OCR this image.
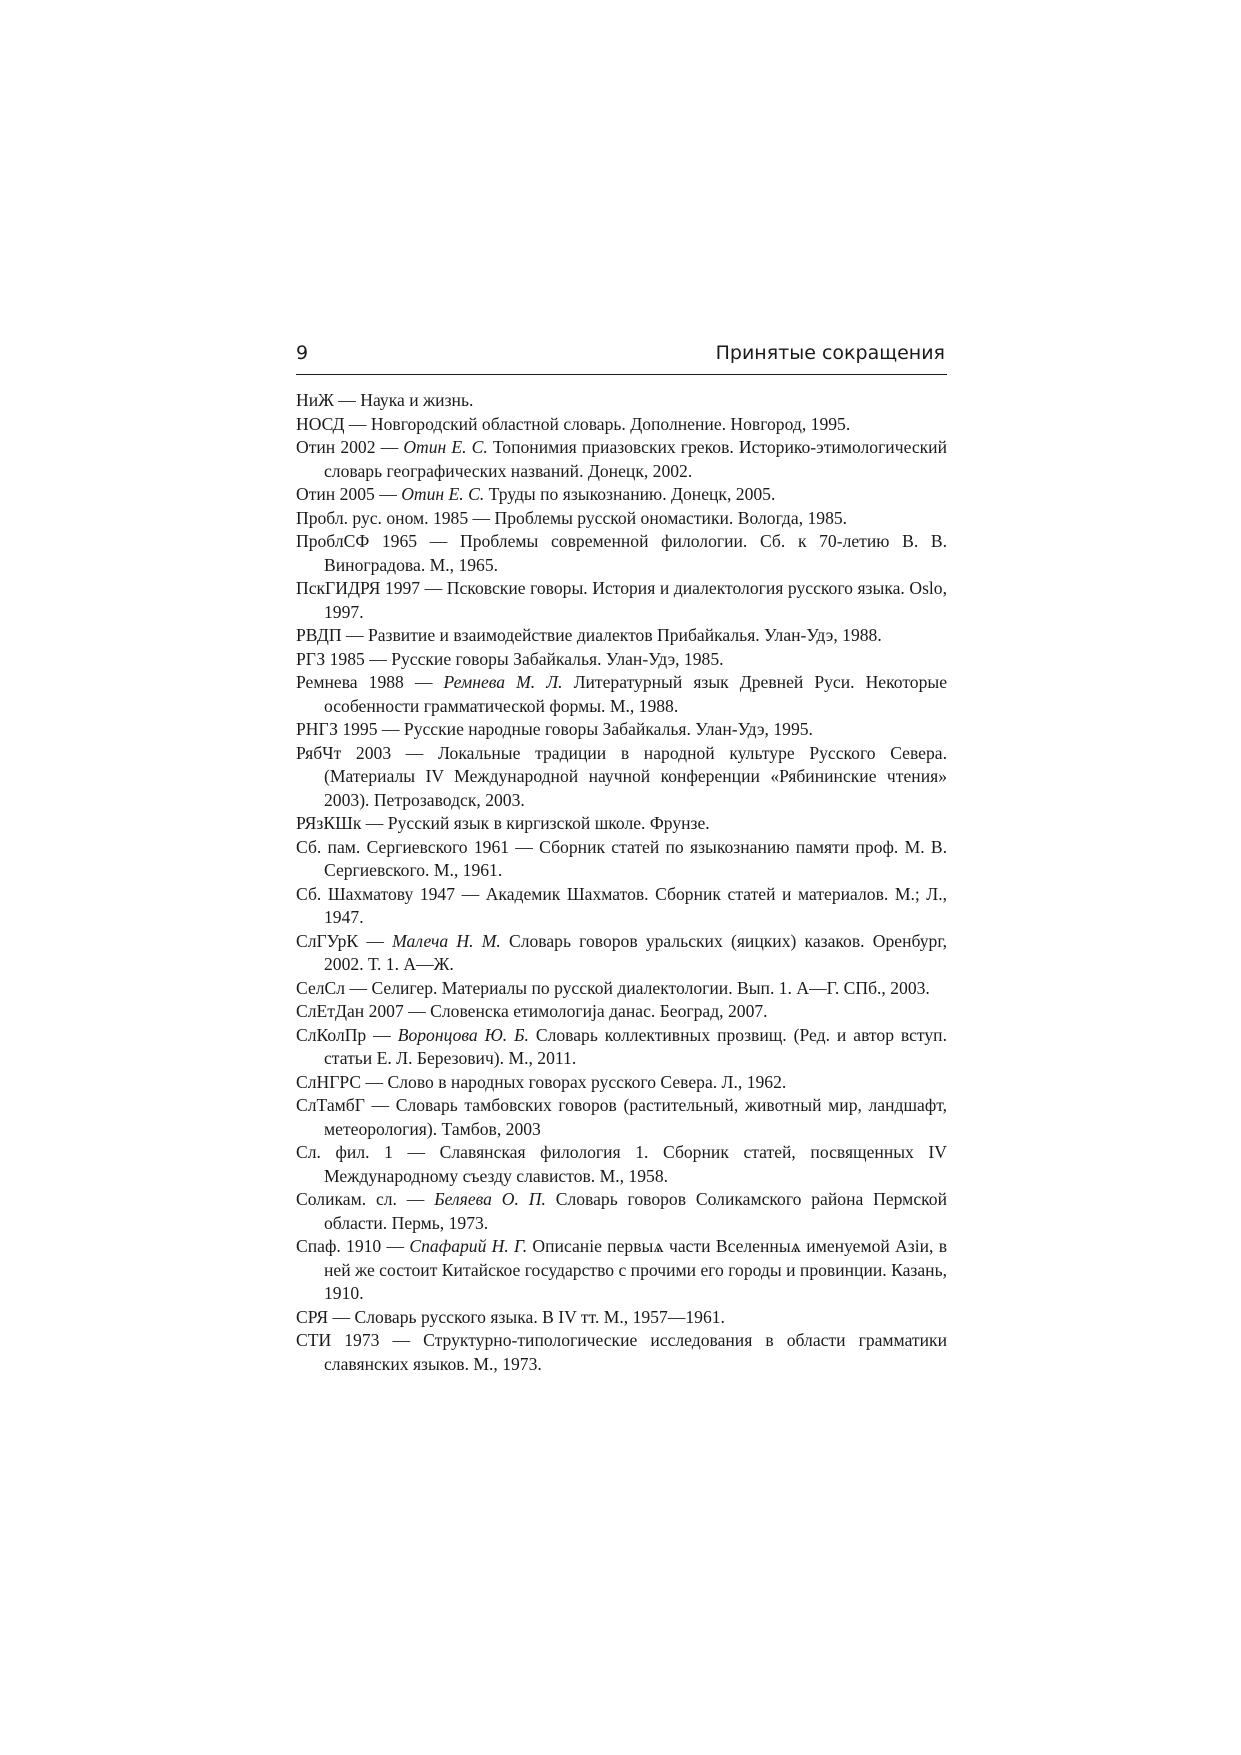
9	Принятые сокращения

НиЖ — Наука и жизнь.

НОСД — Новгородский областной словарь. Дополнение. Новгород, 1995.

Отин 2002 — Отин Е. С. Топонимия приазовских греков. Историко-этимологический словарь географических названий. Донецк, 2002.

Отин 2005 — Отин Е. С. Труды по языкознанию. Донецк, 2005.

Пробл. рус. оном. 1985 — Проблемы русской ономастики. Вологда, 1985.

ПроблСФ 1965 — Проблемы современной филологии. Сб. к 70-летию В. В. Виноградова. М., 1965.

ПскГИДРЯ 1997 — Псковские говоры. История и диалектология русского языка. Oslo, 1997.

РВДП — Развитие и взаимодействие диалектов Прибайкалья. Улан-Удэ, 1988.

РГЗ 1985 — Русские говоры Забайкалья. Улан-Удэ, 1985.

Ремнева 1988 — Ремнева М. Л. Литературный язык Древней Руси. Некоторые особенности грамматической формы. М., 1988.

РНГЗ 1995 — Русские народные говоры Забайкалья. Улан-Удэ, 1995.

РябЧт 2003 — Локальные традиции в народной культуре Русского Севера. (Материалы IV Международной научной конференции «Рябининские чтения» 2003). Петрозаводск, 2003.

РЯзКШк — Русский язык в киргизской школе. Фрунзе.

Сб. пам. Сергиевского 1961 — Сборник статей по языкознанию памяти проф. М. В. Сергиевского. М., 1961.

Сб. Шахматову 1947 — Академик Шахматов. Сборник статей и материалов. М.; Л., 1947.

СлГУрК — Малеча Н. М. Словарь говоров уральских (яицких) казаков. Оренбург, 2002. Т. 1. А—Ж.

СелСл — Селигер. Материалы по русской диалектологии. Вып. 1. А—Г. СПб., 2003.

СлЕтДан 2007 — Словенска етимологиjа данас. Београд, 2007.

СлКолПр — Воронцова Ю. Б. Словарь коллективных прозвищ. (Ред. и автор вступ. статьи Е. Л. Березович). М., 2011.

СлНГРС — Слово в народных говорах русского Севера. Л., 1962.

СлТамбГ — Словарь тамбовских говоров (растительный, животный мир, ландшафт, метеорология). Тамбов, 2003

Сл. фил. 1 — Славянская филология 1. Сборник статей, посвященных IV Международному съезду славистов. М., 1958.

Соликам. сл. — Беляева О. П. Словарь говоров Соликамского района Пермской области. Пермь, 1973.

Спаф. 1910 — Спафарий Н. Г. Описанiе первыѧ части Вселенныѧ именуемой Азiи, в ней же состоит Китайское государство с прочими его городы и провинции. Казань, 1910.

СРЯ — Словарь русского языка. В IV тт. М., 1957—1961.

СТИ 1973 — Структурно-типологические исследования в области грамматики славянских языков. М., 1973.
